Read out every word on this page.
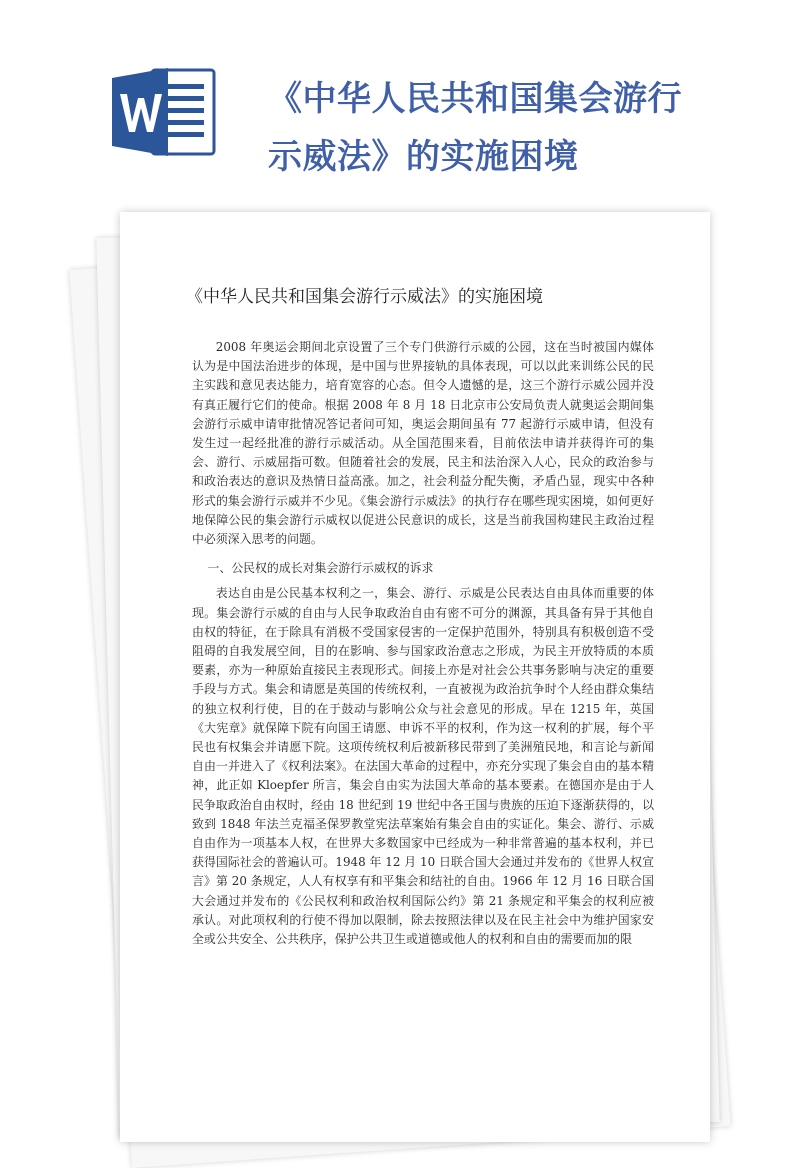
《中华人民共和国集会游行示威法》的实施困境
《中华人民共和国集会游行示威法》的实施困境

2008 年奥运会期间北京设置了三个专门供游行示威的公园，这在当时被国内媒体认为是中国法治进步的体现，是中国与世界接轨的具体表现，可以以此来训练公民的民主实践和意见表达能力，培育宽容的心态。但令人遗憾的是，这三个游行示威公园并没有真正履行它们的使命。根据 2008 年 8 月 18 日北京市公安局负责人就奥运会期间集会游行示威申请审批情况答记者问可知，奥运会期间虽有 77 起游行示威申请，但没有发生过一起经批准的游行示威活动。从全国范围来看，目前依法申请并获得许可的集会、游行、示威屈指可数。但随着社会的发展，民主和法治深入人心，民众的政治参与和政治表达的意识及热情日益高涨。加之，社会利益分配失衡，矛盾凸显，现实中各种形式的集会游行示威并不少见。《集会游行示威法》的执行存在哪些现实困境，如何更好地保障公民的集会游行示威权以促进公民意识的成长，这是当前我国构建民主政治过程中必须深入思考的问题。

一、公民权的成长对集会游行示威权的诉求

表达自由是公民基本权利之一，集会、游行、示威是公民表达自由具体而重要的体现。集会游行示威的自由与人民争取政治自由有密不可分的渊源，其具备有异于其他自由权的特征，在于除具有消极不受国家侵害的一定保护范围外，特别具有积极创造不受阻碍的自我发展空间，目的在影响、参与国家政治意志之形成，为民主开放特质的本质要素，亦为一种原始直接民主表现形式。间接上亦是对社会公共事务影响与决定的重要手段与方式。集会和请愿是英国的传统权利，一直被视为政治抗争时个人经由群众集结的独立权利行使，目的在于鼓动与影响公众与社会意见的形成。早在 1215 年，英国《大宪章》就保障下院有向国王请愿、申诉不平的权利，作为这一权利的扩展，每个平民也有权集会并请愿下院。这项传统权利后被新移民带到了美洲殖民地，和言论与新闻自由一并进入了《权利法案》。在法国大革命的过程中，亦充分实现了集会自由的基本精神，此正如 Kloepfer 所言，集会自由实为法国大革命的基本要素。在德国亦是由于人民争取政治自由权时，经由 18 世纪到 19 世纪中各王国与贵族的压迫下逐渐获得的，以致到 1848 年法兰克福圣保罗教堂宪法草案始有集会自由的实证化。集会、游行、示威自由作为一项基本人权，在世界大多数国家中已经成为一种非常普遍的基本权利，并已获得国际社会的普遍认可。1948 年 12 月 10 日联合国大会通过并发布的《世界人权宣言》第 20 条规定，人人有权享有和平集会和结社的自由。1966 年 12 月 16 日联合国大会通过并发布的《公民权利和政治权利国际公约》第 21 条规定和平集会的权利应被承认。对此项权利的行使不得加以限制，除去按照法律以及在民主社会中为维护国家安全或公共安全、公共秩序，保护公共卫生或道德或他人的权利和自由的需要而加的限
